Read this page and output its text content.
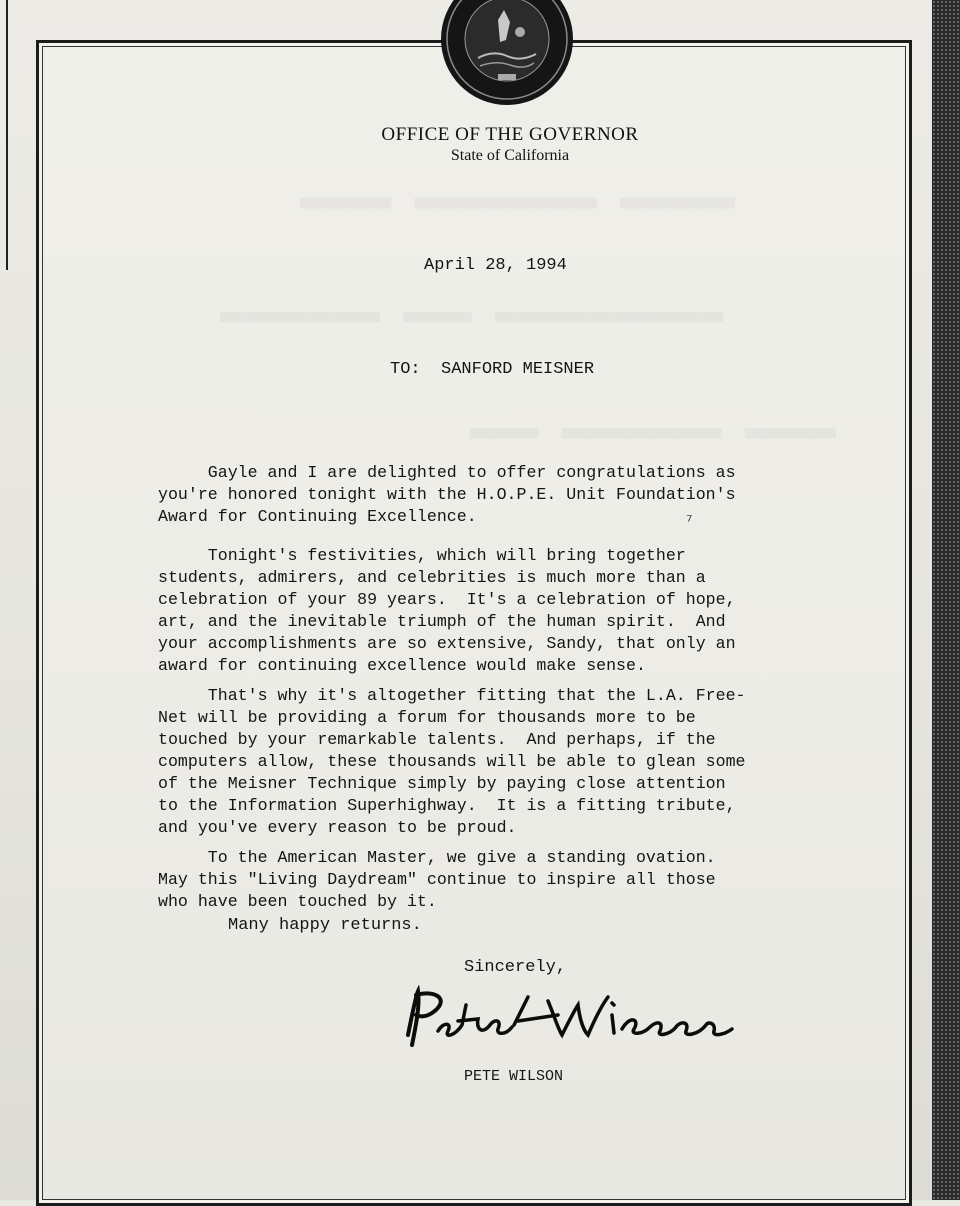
OFFICE OF THE GOVERNOR
State of California
April 28, 1994
TO:  SANFORD MEISNER

Gayle and I are delighted to offer congratulations as
you're honored tonight with the H.O.P.E. Unit Foundation's
Award for Continuing Excellence.

Tonight's festivities, which will bring together
students, admirers, and celebrities is much more than a
celebration of your 89 years.  It's a celebration of hope,
art, and the inevitable triumph of the human spirit.  And
your accomplishments are so extensive, Sandy, that only an
award for continuing excellence would make sense.

That's why it's altogether fitting that the L.A. Free-
Net will be providing a forum for thousands more to be
touched by your remarkable talents.  And perhaps, if the
computers allow, these thousands will be able to glean some
of the Meisner Technique simply by paying close attention
to the Information Superhighway.  It is a fitting tribute,
and you've every reason to be proud.

To the American Master, we give a standing ovation.
May this "Living Daydream" continue to inspire all those
who have been touched by it.

⁷
Many happy returns.
Sincerely,
PETE WILSON
